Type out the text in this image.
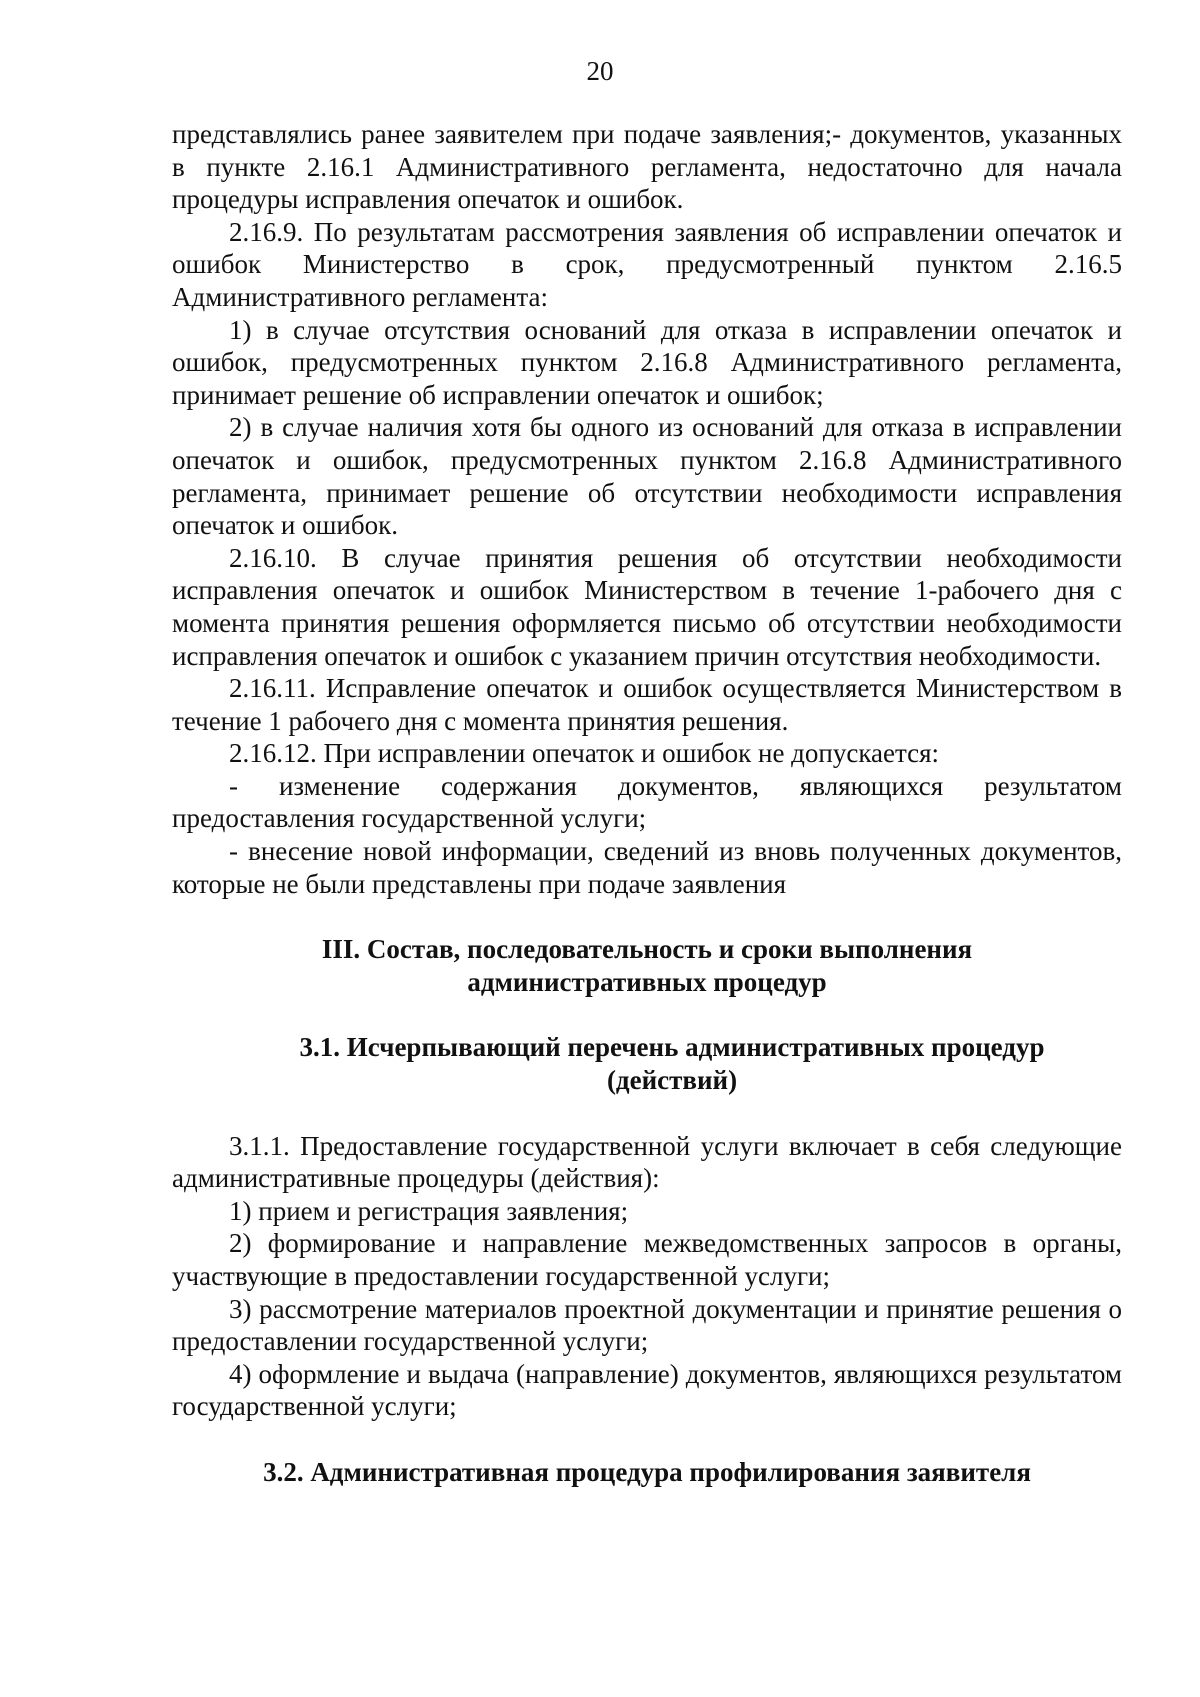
20

представлялись ранее заявителем при подаче заявления;- документов, указанных в пункте 2.16.1 Административного регламента, недостаточно для начала процедуры исправления опечаток и ошибок.

2.16.9. По результатам рассмотрения заявления об исправлении опечаток и ошибок Министерство в срок, предусмотренный пунктом 2.16.5 Административного регламента:

1) в случае отсутствия оснований для отказа в исправлении опечаток и ошибок, предусмотренных пунктом 2.16.8 Административного регламента, принимает решение об исправлении опечаток и ошибок;

2) в случае наличия хотя бы одного из оснований для отказа в исправлении опечаток и ошибок, предусмотренных пунктом 2.16.8 Административного регламента, принимает решение об отсутствии необходимости исправления опечаток и ошибок.

2.16.10. В случае принятия решения об отсутствии необходимости исправления опечаток и ошибок Министерством в течение 1-рабочего дня с момента принятия решения оформляется письмо об отсутствии необходимости исправления опечаток и ошибок с указанием причин отсутствия необходимости.

2.16.11. Исправление опечаток и ошибок осуществляется Министерством в течение 1 рабочего дня с момента принятия решения.

2.16.12. При исправлении опечаток и ошибок не допускается:

- изменение содержания документов, являющихся результатом предоставления государственной услуги;

- внесение новой информации, сведений из вновь полученных документов, которые не были представлены при подаче заявления

III. Состав, последовательность и сроки выполнения
административных процедур
3.1. Исчерпывающий перечень административных процедур
(действий)

3.1.1. Предоставление государственной услуги включает в себя следующие административные процедуры (действия):

1) прием и регистрация заявления;

2) формирование и направление межведомственных запросов в органы, участвующие в предоставлении государственной услуги;

3) рассмотрение материалов проектной документации и принятие решения о предоставлении государственной услуги;

4) оформление и выдача (направление) документов, являющихся результатом государственной услуги;

3.2. Административная процедура профилирования заявителя
